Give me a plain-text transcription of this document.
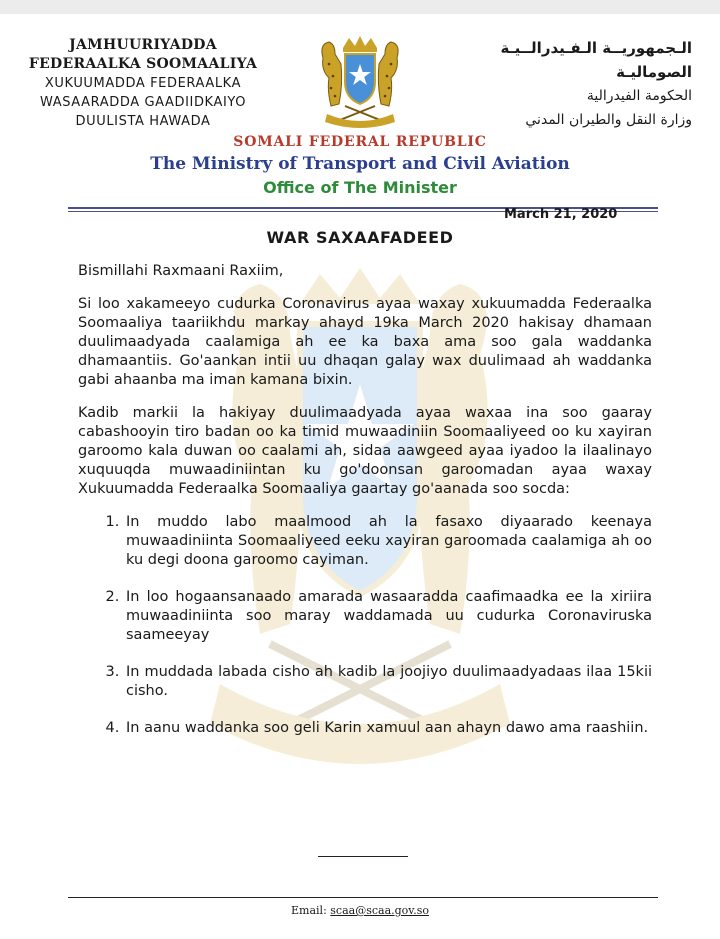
JAMHUURIYADDA
FEDERAALKA SOOMAALIYA
XUKUUMADDA FEDERAALKA
WASAARADDA GAADIIDKAIYO
DUULISTA HAWADA
الـجمهوريــة الـفـيدرالــيـة الصوماليـة
الحكومة الفيدرالية
وزارة النقل والطيران المدني
SOMALI FEDERAL REPUBLIC
The Ministry of Transport and Civil Aviation
Office of The Minister
March 21, 2020
WAR SAXAAFADEED

Bismillahi Raxmaani Raxiim,

Si loo xakameeyo cudurka Coronavirus ayaa waxay xukuumadda Federaalka Soomaaliya taariikhdu markay ahayd 19ka March 2020 hakisay dhamaan duulimaadyada caalamiga ah ee ka baxa ama soo gala waddanka dhamaantiis. Go'aankan intii uu dhaqan galay wax duulimaad ah waddanka gabi ahaanba ma iman kamana bixin.

Kadib markii la hakiyay duulimaadyada ayaa waxaa ina soo gaaray cabashooyin tiro badan oo ka timid muwaadiniin Soomaaliyeed oo ku xayiran garoomo kala duwan oo caalami ah, sidaa aawgeed ayaa iyadoo la ilaalinayo xuquuqda muwaadiniintan ku go'doonsan garoomadan ayaa waxay Xukuumadda Federaalka Soomaaliya gaartay go'aanada soo socda:

1. In muddo labo maalmood ah la fasaxo diyaarado keenaya muwaadiniinta Soomaaliyeed eeku xayiran garoomada caalamiga ah oo ku degi doona garoomo cayiman.
2. In loo hogaansanaado amarada wasaaradda caafimaadka ee la xiriira muwaadiniinta soo maray waddamada uu cudurka Coronaviruska saameeyay
3. In muddada labada cisho ah kadib la joojiyo duulimaadyadaas ilaa 15kii cisho.
4. In aanu waddanka soo geli Karin xamuul aan ahayn dawo ama raashiin.
Email: scaa@scaa.gov.so
